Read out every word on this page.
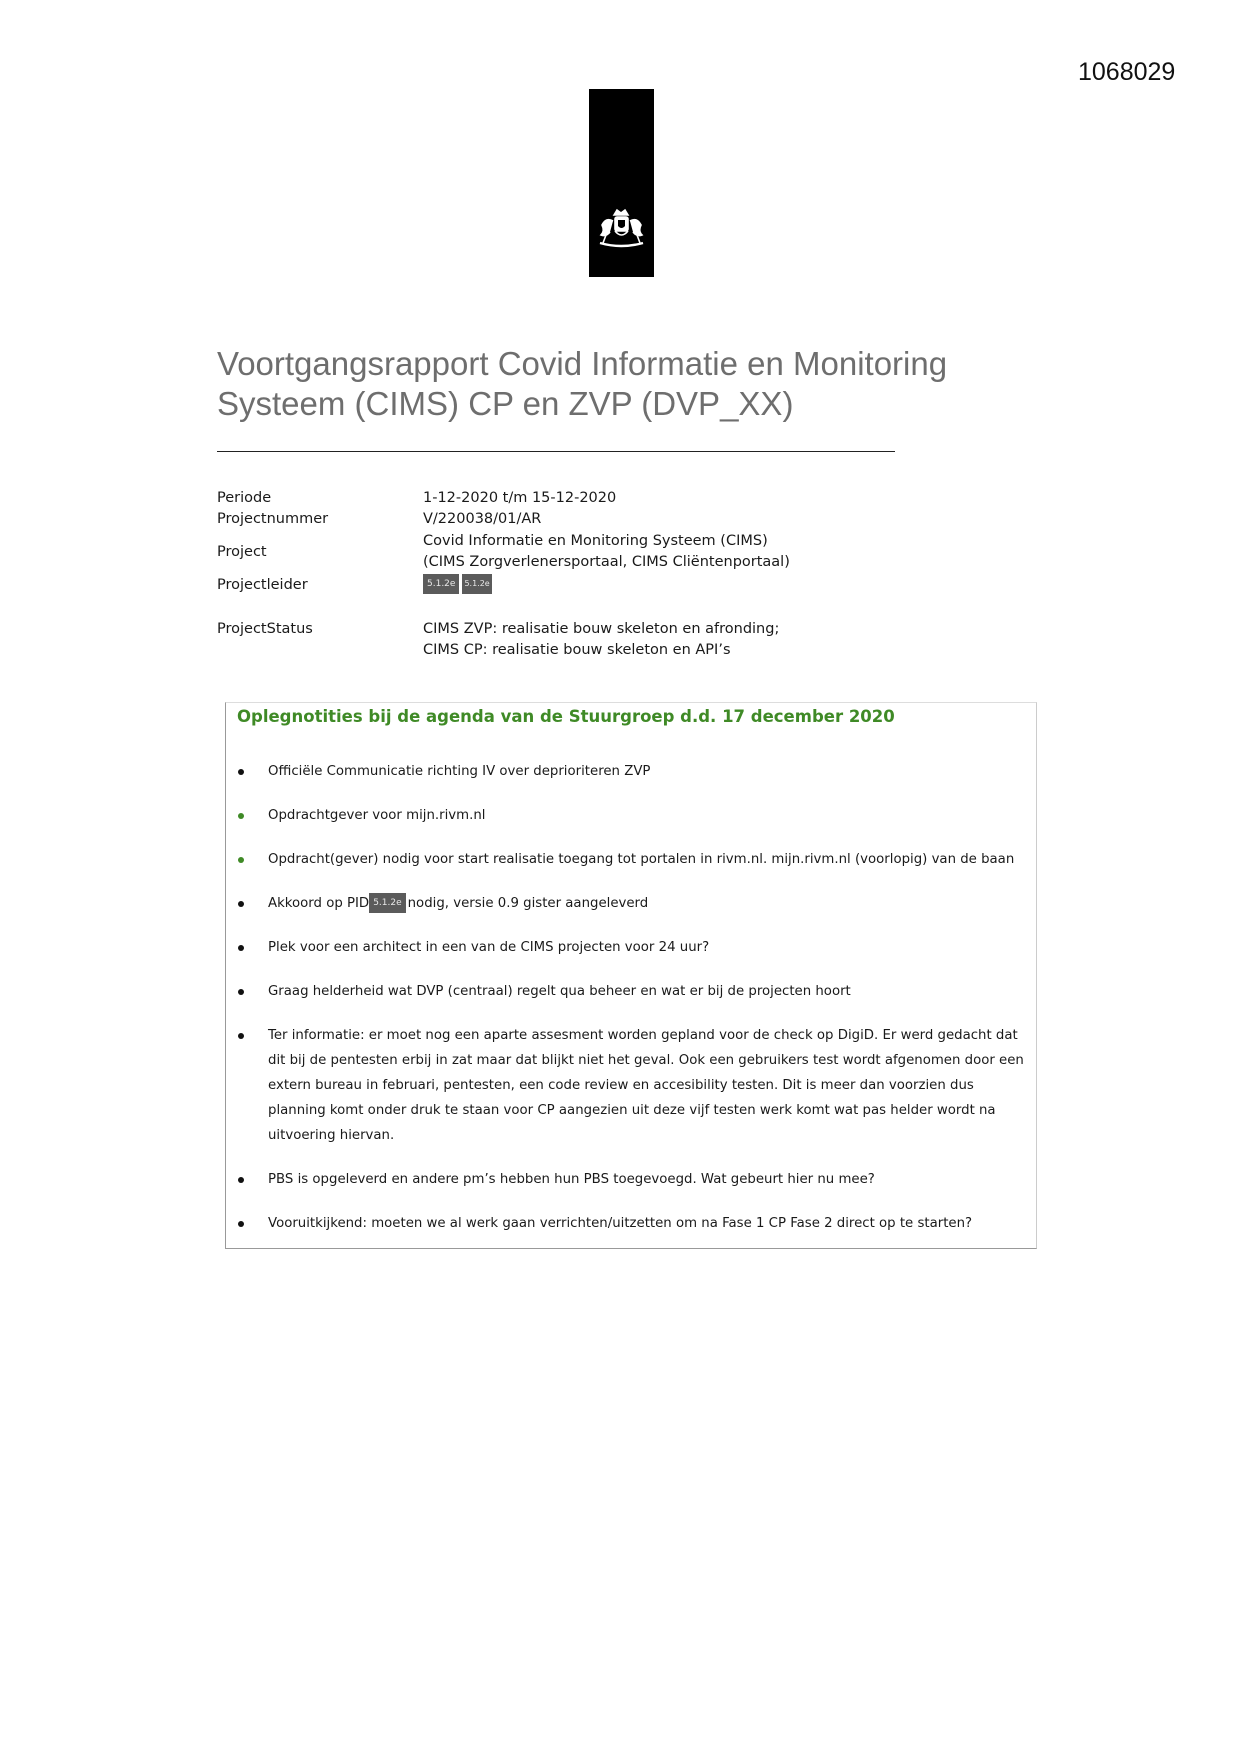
1068029
Voortgangsrapport Covid Informatie en Monitoring
Systeem (CIMS) CP en ZVP (DVP_XX)
Periode	1-12-2020 t/m 15-12-2020
Projectnummer	V/220038/01/AR
Project
Covid Informatie en Monitoring Systeem (CIMS)
(CIMS Zorgverlenersportaal, CIMS Cliëntenportaal)
Projectleider	5.1.2e 5.1.2e
ProjectStatus	CIMS ZVP: realisatie bouw skeleton en afronding;
CIMS CP: realisatie bouw skeleton en API’s
Oplegnotities bij de agenda van de Stuurgroep d.d. 17 december 2020
Officiële Communicatie richting IV over deprioriteren ZVP
Opdrachtgever voor mijn.rivm.nl
Opdracht(gever) nodig voor start realisatie toegang tot portalen in rivm.nl. mijn.rivm.nl (voorlopig) van de baan
Akkoord op PID 5.1.2e nodig, versie 0.9 gister aangeleverd
Plek voor een architect in een van de CIMS projecten voor 24 uur?
Graag helderheid wat DVP (centraal) regelt qua beheer en wat er bij de projecten hoort
Ter informatie: er moet nog een aparte assesment worden gepland voor de check op DigiD. Er werd gedacht dat dit bij de pentesten erbij in zat maar dat blijkt niet het geval. Ook een gebruikers test wordt afgenomen door een extern bureau in februari, pentesten, een code review en accesibility testen. Dit is meer dan voorzien dus planning komt onder druk te staan voor CP aangezien uit deze vijf testen werk komt wat pas helder wordt na uitvoering hiervan.
PBS is opgeleverd en andere pm’s hebben hun PBS toegevoegd. Wat gebeurt hier nu mee?
Vooruitkijkend: moeten we al werk gaan verrichten/uitzetten om na Fase 1 CP Fase 2 direct op te starten?
